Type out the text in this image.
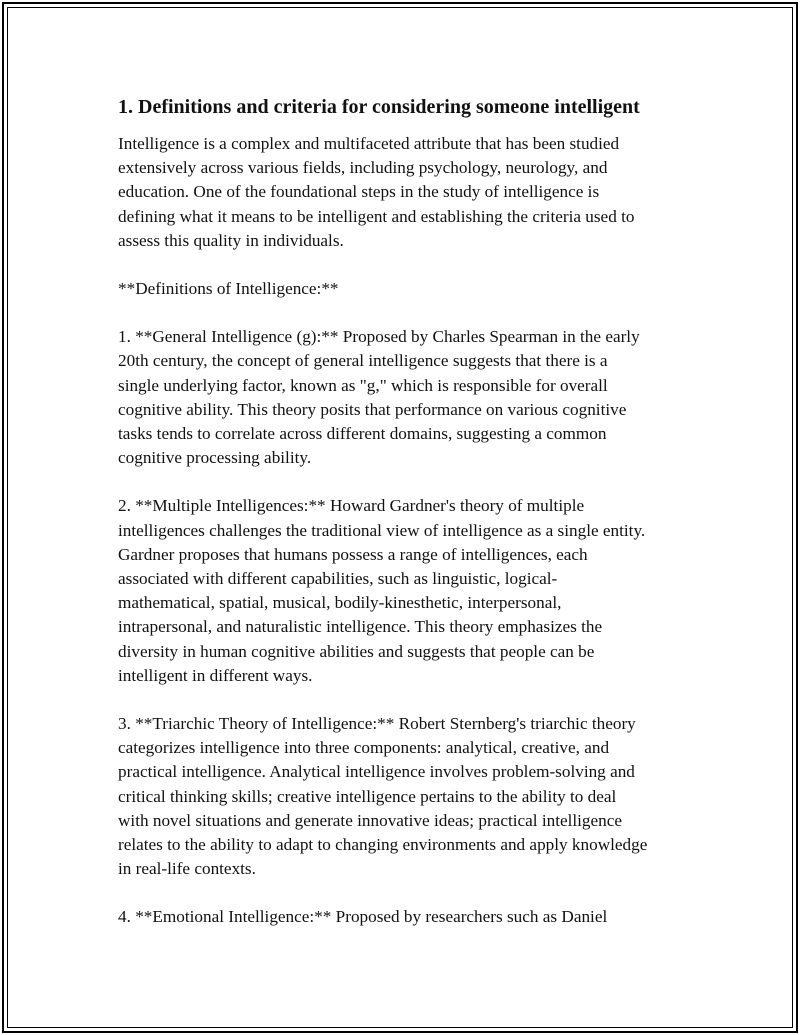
1. Definitions and criteria for considering someone intelligent

Intelligence is a complex and multifaceted attribute that has been studied
extensively across various fields, including psychology, neurology, and
education. One of the foundational steps in the study of intelligence is
defining what it means to be intelligent and establishing the criteria used to
assess this quality in individuals.

**Definitions of Intelligence:**

1. **General Intelligence (g):** Proposed by Charles Spearman in the early
20th century, the concept of general intelligence suggests that there is a
single underlying factor, known as "g," which is responsible for overall
cognitive ability. This theory posits that performance on various cognitive
tasks tends to correlate across different domains, suggesting a common
cognitive processing ability.

2. **Multiple Intelligences:** Howard Gardner's theory of multiple
intelligences challenges the traditional view of intelligence as a single entity.
Gardner proposes that humans possess a range of intelligences, each
associated with different capabilities, such as linguistic, logical-
mathematical, spatial, musical, bodily-kinesthetic, interpersonal,
intrapersonal, and naturalistic intelligence. This theory emphasizes the
diversity in human cognitive abilities and suggests that people can be
intelligent in different ways.

3. **Triarchic Theory of Intelligence:** Robert Sternberg's triarchic theory
categorizes intelligence into three components: analytical, creative, and
practical intelligence. Analytical intelligence involves problem-solving and
critical thinking skills; creative intelligence pertains to the ability to deal
with novel situations and generate innovative ideas; practical intelligence
relates to the ability to adapt to changing environments and apply knowledge
in real-life contexts.

4. **Emotional Intelligence:** Proposed by researchers such as Daniel
